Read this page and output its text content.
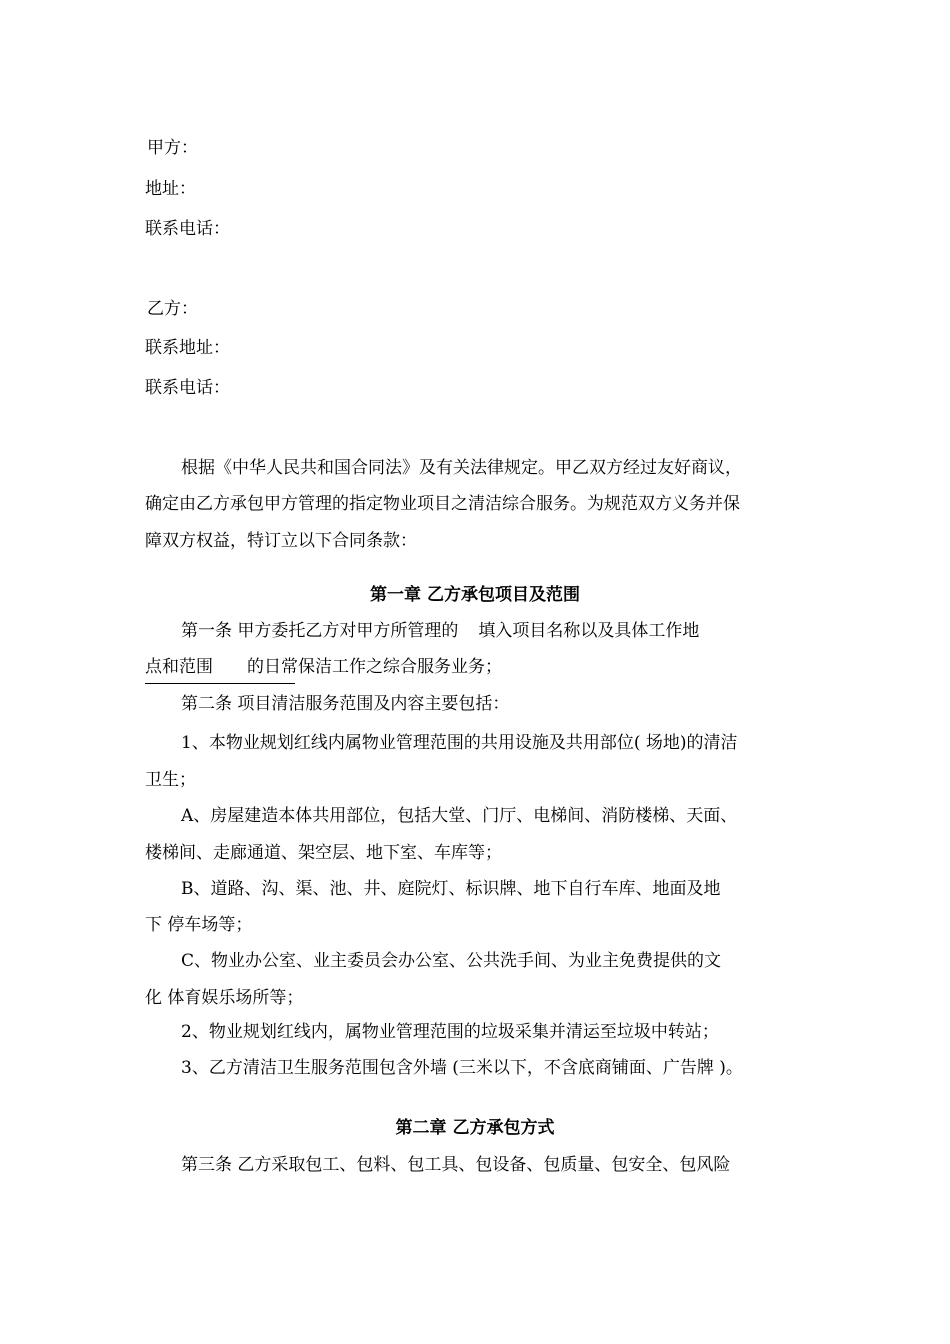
甲方：
地址：
联系电话：
乙方：
联系地址：
联系电话：
根据《中华人民共和国合同法》及有关法律规定。甲乙双方经过友好商议，
确定由乙方承包甲方管理的指定物业项目之清洁综合服务。为规范双方义务并保
障双方权益，特订立以下合同条款：
第一章 乙方承包项目及范围
第一条 甲方委托乙方对甲方所管理的 填入项目名称以及具体工作地
点和范围 的日常保洁工作之综合服务业务；
第二条 项目清洁服务范围及内容主要包括：
1、本物业规划红线内属物业管理范围的共用设施及共用部位( 场地)的清洁
卫生；
A、房屋建造本体共用部位，包括大堂、门厅、电梯间、消防楼梯、天面、
楼梯间、走廊通道、架空层、地下室、车库等；
B、道路、沟、渠、池、井、庭院灯、标识牌、地下自行车库、地面及地
下 停车场等；
C、物业办公室、业主委员会办公室、公共洗手间、为业主免费提供的文
化 体育娱乐场所等；
2、物业规划红线内，属物业管理范围的垃圾采集并清运至垃圾中转站；
3、乙方清洁卫生服务范围包含外墙 (三米以下，不含底商铺面、广告牌 )。
第二章 乙方承包方式
第三条 乙方采取包工、包料、包工具、包设备、包质量、包安全、包风险
